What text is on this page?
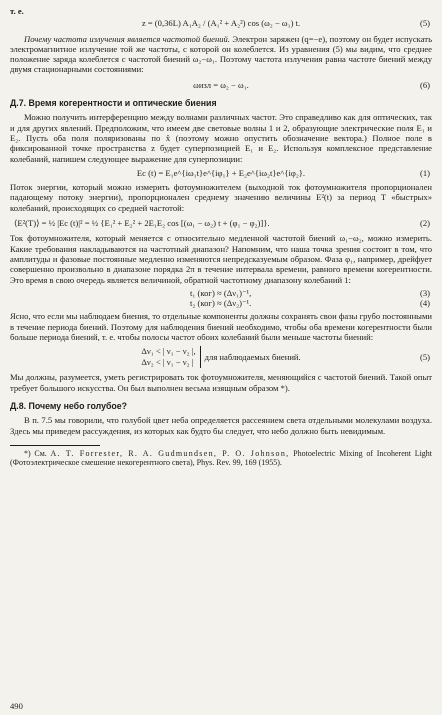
т. е.

z = (0,36L) A₁A₂ / (A₁² + A₂²) cos (ω₂ − ω₁) t.	(5)

Почему частота излучения является частотой биений. Электрон заряжен (q=−e), поэтому он будет испускать электромагнитное излучение той же частоты, с которой он колеблется. Из уравнения (5) мы видим, что среднее положение заряда колеблется с частотой биений ω₂−ω₁. Поэтому частота излучения равна частоте биений между двумя стационарными состояниями:

ωизл = ω₂ − ω₁.	(6)
Д.7. Время когерентности и оптические биения

Можно получить интерференцию между волнами различных частот. Это справедливо как для оптических, так и для других явлений. Предположим, что имеем две световые волны 1 и 2, образующие электрические поля E₁ и E₂. Пусть оба поля поляризованы по x̂ (поэтому можно опустить обозначение вектора.) Полное поле в фиксированной точке пространства z будет суперпозицией E₁ и E₂. Используя комплексное представление колебаний, напишем следующее выражение для суперпозиции:

Ec (t) = E₁e^{iω₁t}e^{iφ₁} + E₂e^{iω₂t}e^{iφ₂}.	(1)

Поток энергии, который можно измерить фотоумножителем (выходной ток фотоумножителя пропорционален падающему потоку энергии), пропорционален среднему значению величины E²(t) за период T «быстрых» колебаний, происходящих со средней частотой:

⟨E²(T)⟩ = ½ |Ec (t)|² = ½ {E₁² + E₂² + 2E₁E₂ cos [(ω₁ − ω₂) t + (φ₁ − φ₂)]}.	(2)

Ток фотоумножителя, который меняется с относительно медленной частотой биений ω₁−ω₂, можно измерить. Какие требования накладываются на частотный диапазон? Напомним, что наша точка зрения состоит в том, что амплитуды и фазовые постоянные медленно изменяются непредсказуемым образом. Фаза φ₁, например, дрейфует совершенно произвольно в диапазоне порядка 2π в течение интервала времени, равного времени когерентности. Это время в свою очередь является величиной, обратной частотному диапазону колебаний 1:

t₁ (ког) ≈ (Δν₁)⁻¹,	(3)
t₂ (ког) ≈ (Δν₂)⁻¹.	(4)

Ясно, что если мы наблюдаем биения, то отдельные компоненты должны сохранять свои фазы грубо постоянными в течение периода биений. Поэтому для наблюдения биений необходимо, чтобы оба времени когерентности были больше периода биений, т. е. чтобы полосы частот обоих колебаний были меньше частоты биений:

Δν₁ < | ν₁ − ν₂ |,
Δν₂ < | ν₁ − ν₂ |
для наблюдаемых биений.	(5)

Мы должны, разумеется, уметь регистрировать ток фотоумножителя, меняющийся с частотой биений. Такой опыт требует большого искусства. Он был выполнен весьма изящным образом *).

Д.8. Почему небо голубое?

В п. 7.5 мы говорили, что голубой цвет неба определяется рассеянием света отдельными молекулами воздуха. Здесь мы приведем рассуждения, из которых как будто бы следует, что небо должно быть невидимым.

*) См. A. T. Forrester, R. A. Gudmundsen, P. O. Johnson, Photoelectric Mixing of Incoherent Light (Фотоэлектрическое смешение некогерентного света), Phys. Rev. 99, 169 (1955).

490
